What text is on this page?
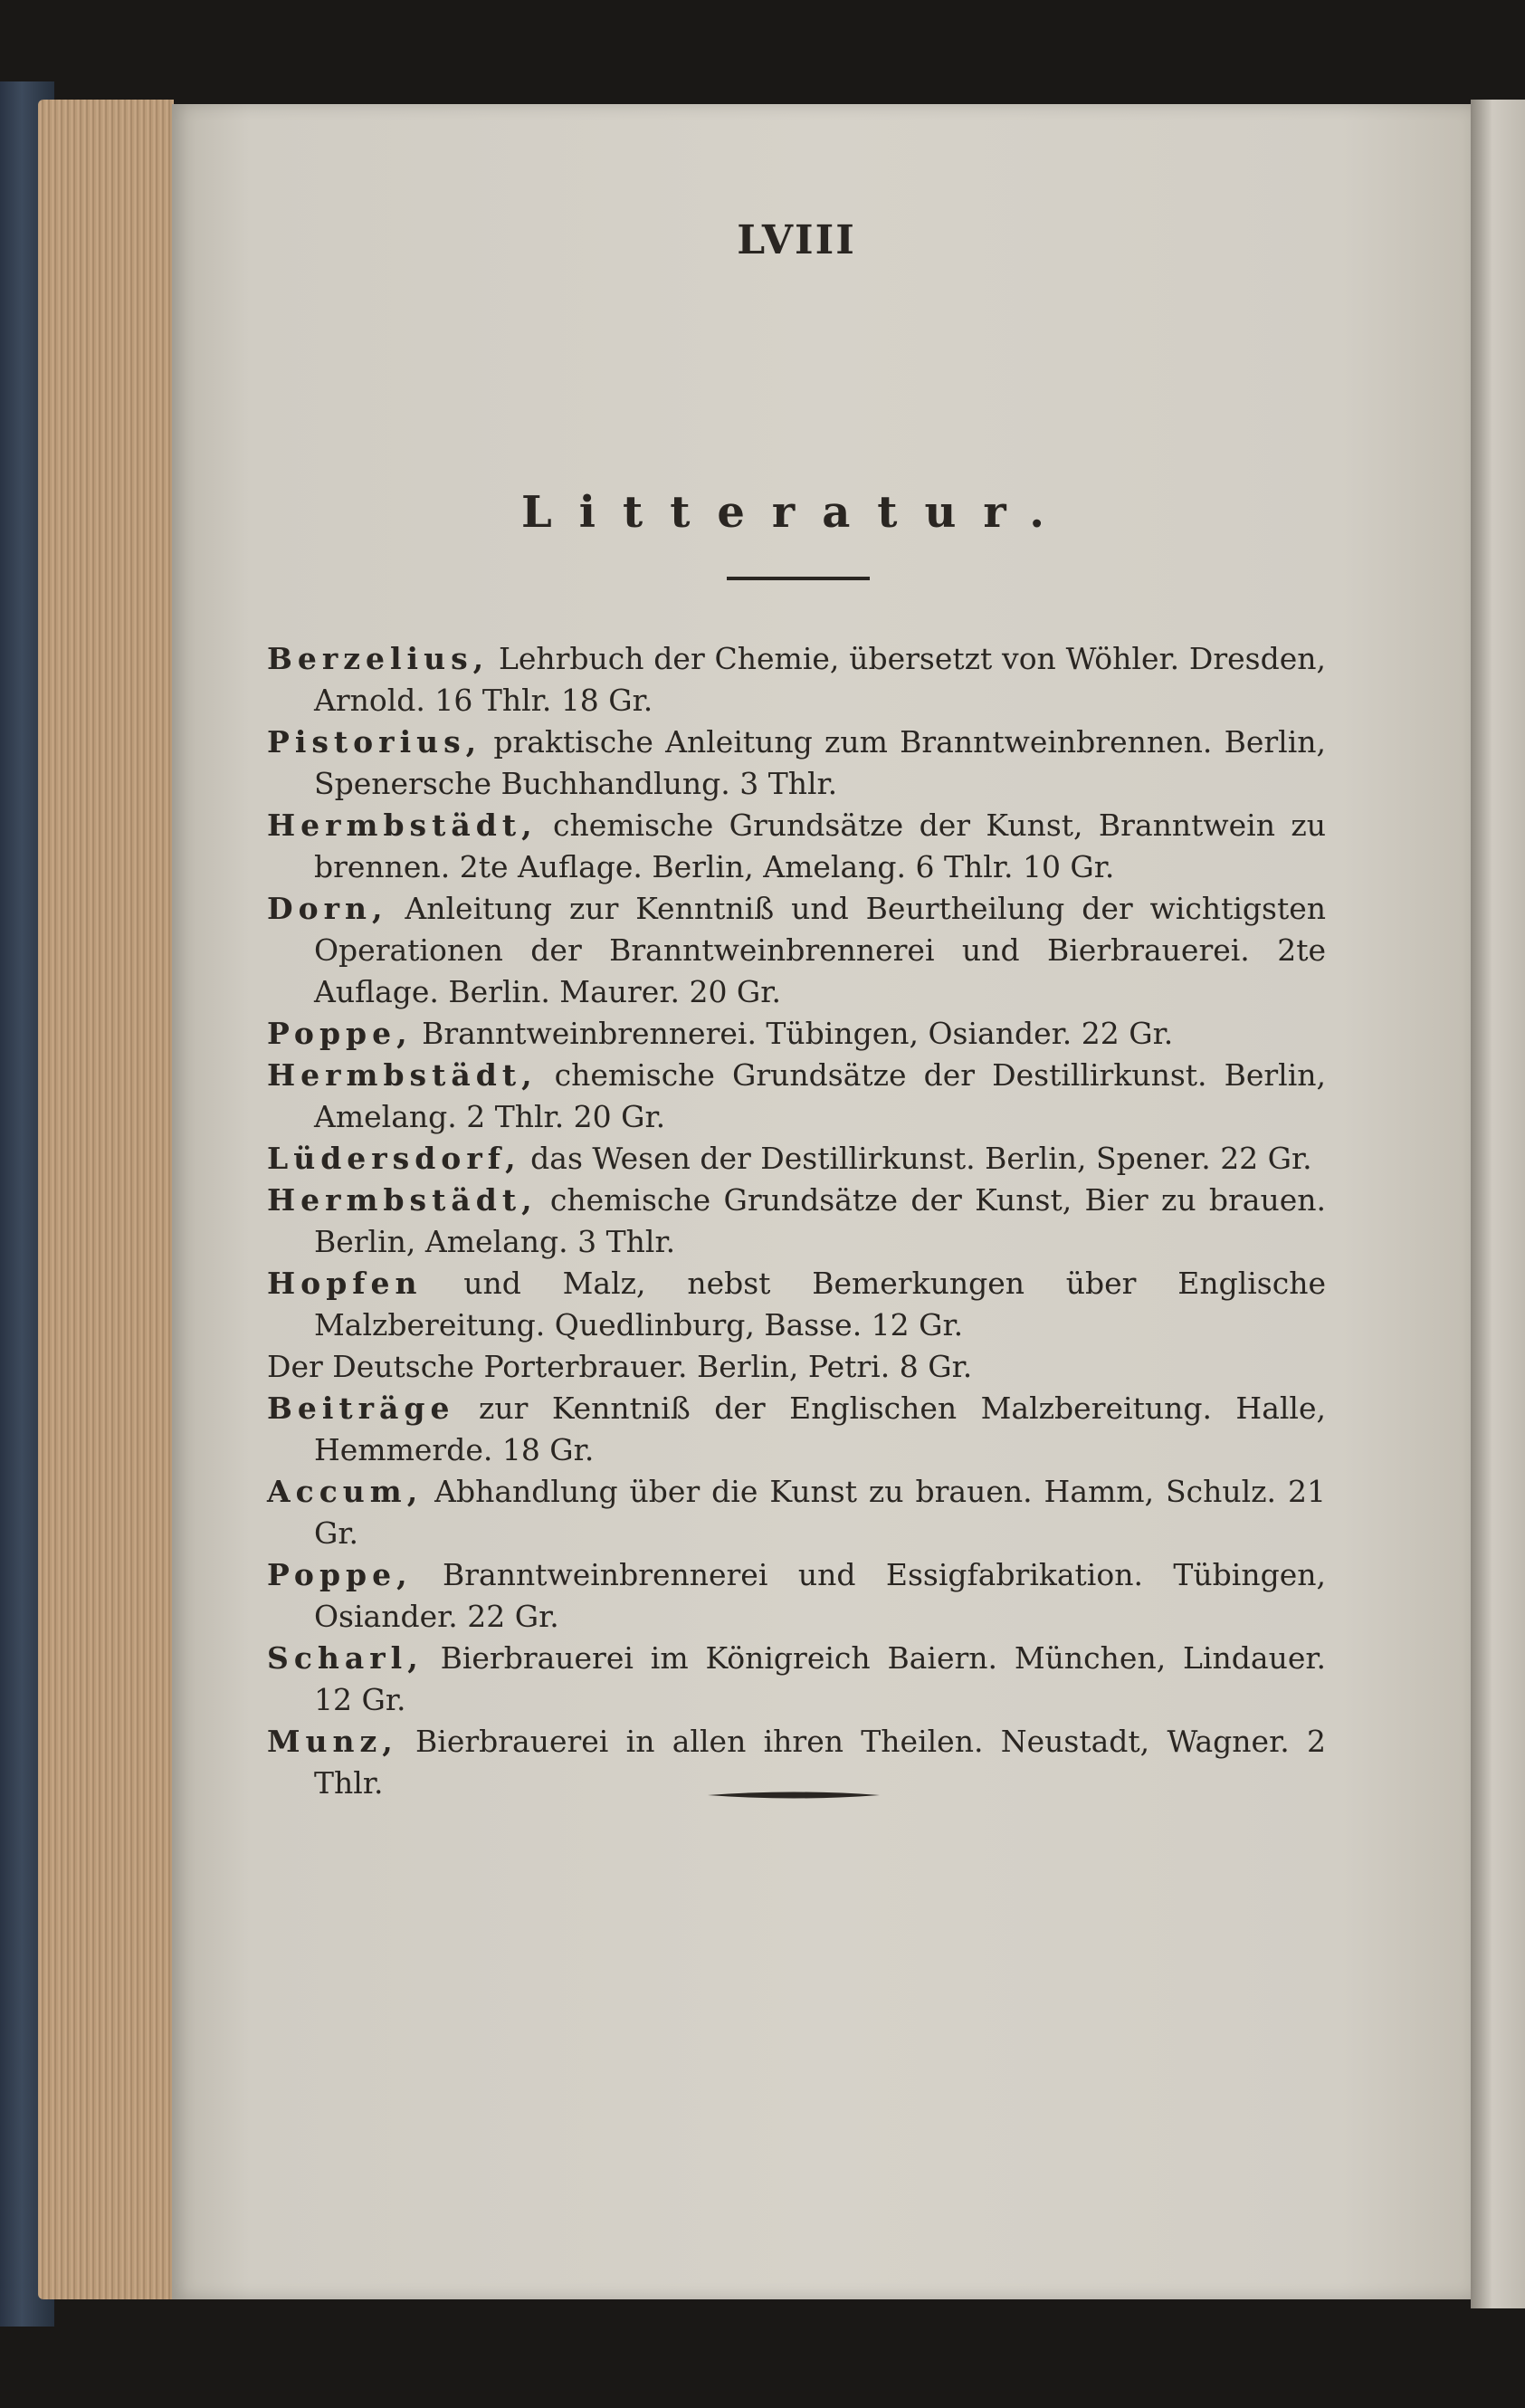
LVIII
Litteratur.

Berzelius, Lehrbuch der Chemie, übersetzt von Wöhler. Dresden, Arnold. 16 Thlr. 18 Gr.

Pistorius, praktische Anleitung zum Branntweinbrennen. Berlin, Spenersche Buchhandlung. 3 Thlr.

Hermbstädt, chemische Grundsätze der Kunst, Branntwein zu brennen. 2te Auflage. Berlin, Amelang. 6 Thlr. 10 Gr.

Dorn, Anleitung zur Kenntniß und Beurtheilung der wichtigsten Operationen der Branntweinbrennerei und Bierbrauerei. 2te Auflage. Berlin. Maurer. 20 Gr.

Poppe, Branntweinbrennerei. Tübingen, Osiander. 22 Gr.

Hermbstädt, chemische Grundsätze der Destillirkunst. Berlin, Amelang. 2 Thlr. 20 Gr.

Lüdersdorf, das Wesen der Destillirkunst. Berlin, Spener. 22 Gr.

Hermbstädt, chemische Grundsätze der Kunst, Bier zu brauen. Berlin, Amelang. 3 Thlr.

Hopfen und Malz, nebst Bemerkungen über Englische Malzbereitung. Quedlinburg, Basse. 12 Gr.

Der Deutsche Porterbrauer. Berlin, Petri. 8 Gr.

Beiträge zur Kenntniß der Englischen Malzbereitung. Halle, Hemmerde. 18 Gr.

Accum, Abhandlung über die Kunst zu brauen. Hamm, Schulz. 21 Gr.

Poppe, Branntweinbrennerei und Essigfabrikation. Tübingen, Osiander. 22 Gr.

Scharl, Bierbrauerei im Königreich Baiern. München, Lindauer. 12 Gr.

Munz, Bierbrauerei in allen ihren Theilen. Neustadt, Wagner. 2 Thlr.
